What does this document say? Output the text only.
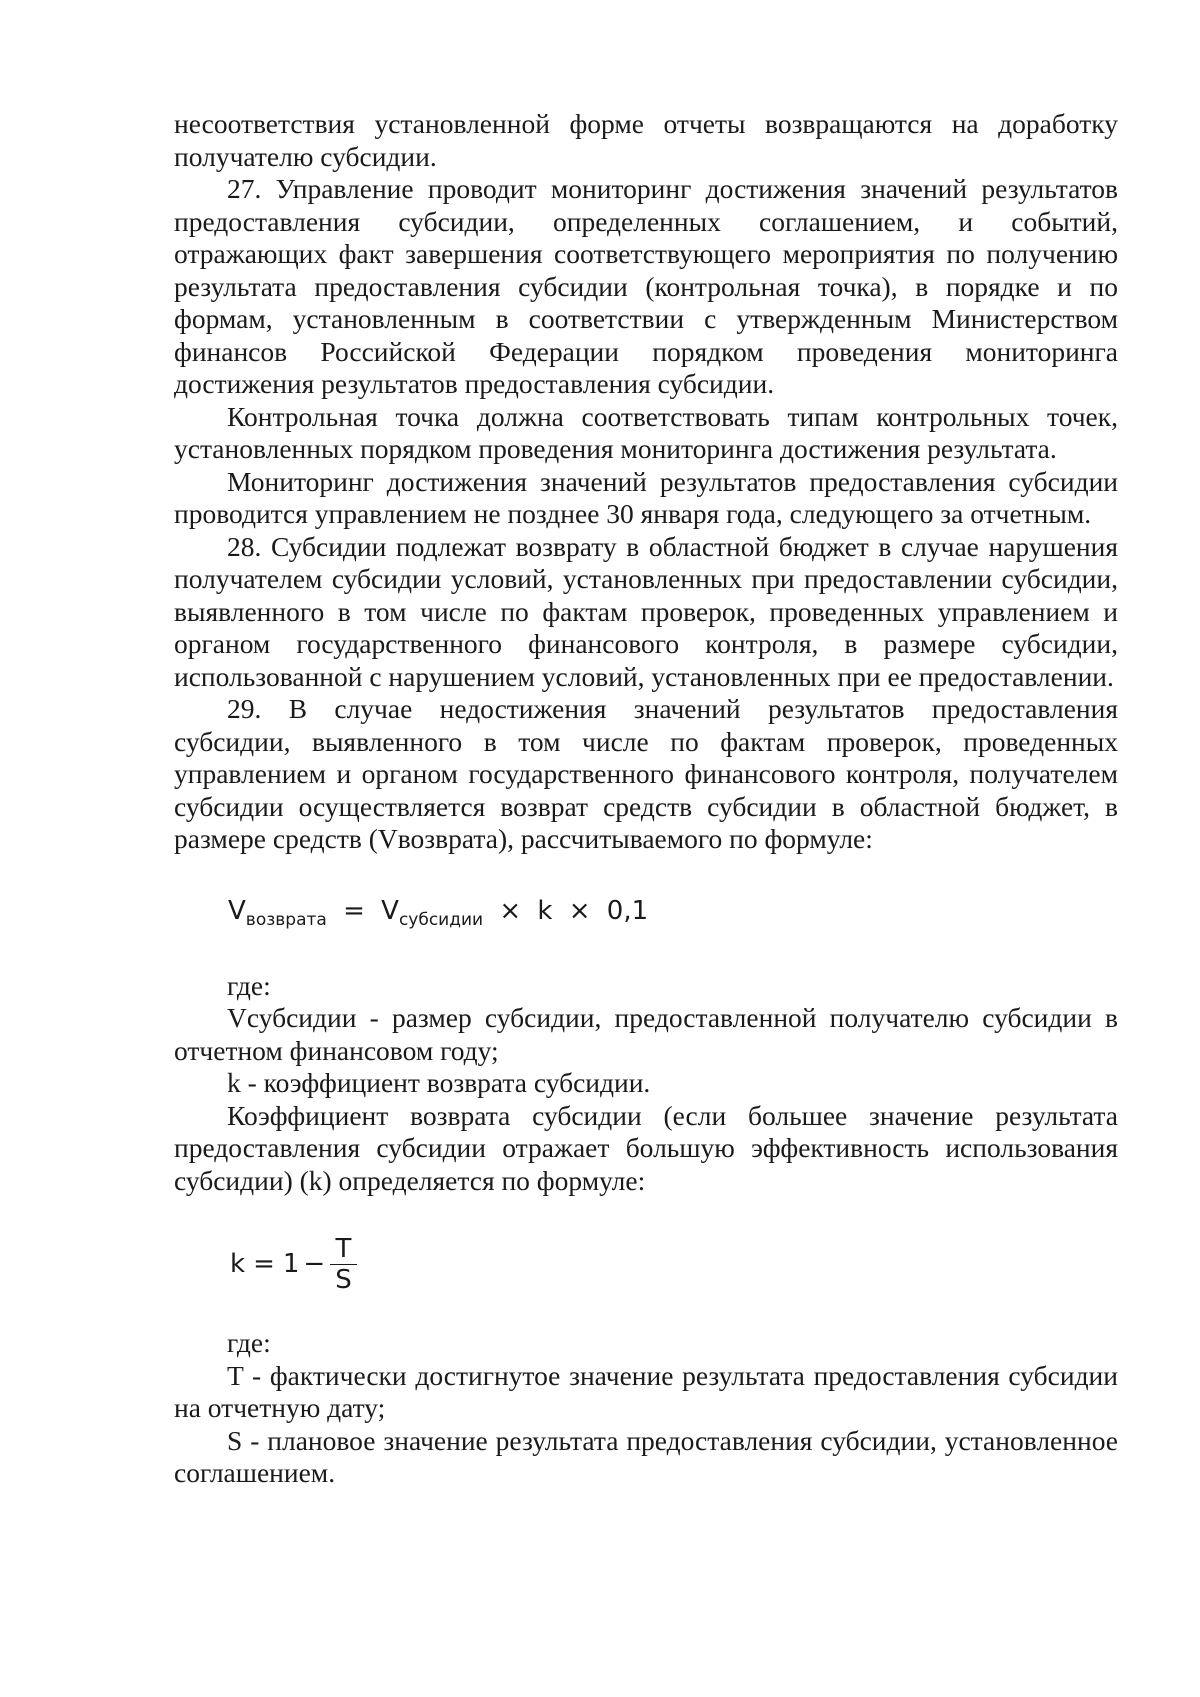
несоответствия установленной форме отчеты возвращаются на доработку получателю субсидии.

27. Управление проводит мониторинг достижения значений результатов предоставления субсидии, определенных соглашением, и событий, отражающих факт завершения соответствующего мероприятия по получению результата предоставления субсидии (контрольная точка), в порядке и по формам, установленным в соответствии с утвержденным Министерством финансов Российской Федерации порядком проведения мониторинга достижения результатов предоставления субсидии.

Контрольная точка должна соответствовать типам контрольных точек, установленных порядком проведения мониторинга достижения результата.

Мониторинг достижения значений результатов предоставления субсидии проводится управлением не позднее 30 января года, следующего за отчетным.

28. Субсидии подлежат возврату в областной бюджет в случае нарушения получателем субсидии условий, установленных при предоставлении субсидии, выявленного в том числе по фактам проверок, проведенных управлением и органом государственного финансового контроля, в размере субсидии, использованной с нарушением условий, установленных при ее предоставлении.

29. В случае недостижения значений результатов предоставления субсидии, выявленного в том числе по фактам проверок, проведенных управлением и органом государственного финансового контроля, получателем субсидии осуществляется возврат средств субсидии в областной бюджет, в размере средств (Vвозврата), рассчитываемого по формуле:

$V_{возврата} = V_{субсидии} \times k \times 0,1$

где:

Vсубсидии - размер субсидии, предоставленной получателю субсидии в отчетном финансовом году;

k - коэффициент возврата субсидии.

Коэффициент возврата субсидии (если большее значение результата предоставления субсидии отражает большую эффективность использования субсидии) (k) определяется по формуле:

$k = 1 - \frac{T}{S}$

где:

T - фактически достигнутое значение результата предоставления субсидии на отчетную дату;

S - плановое значение результата предоставления субсидии, установленное соглашением.
